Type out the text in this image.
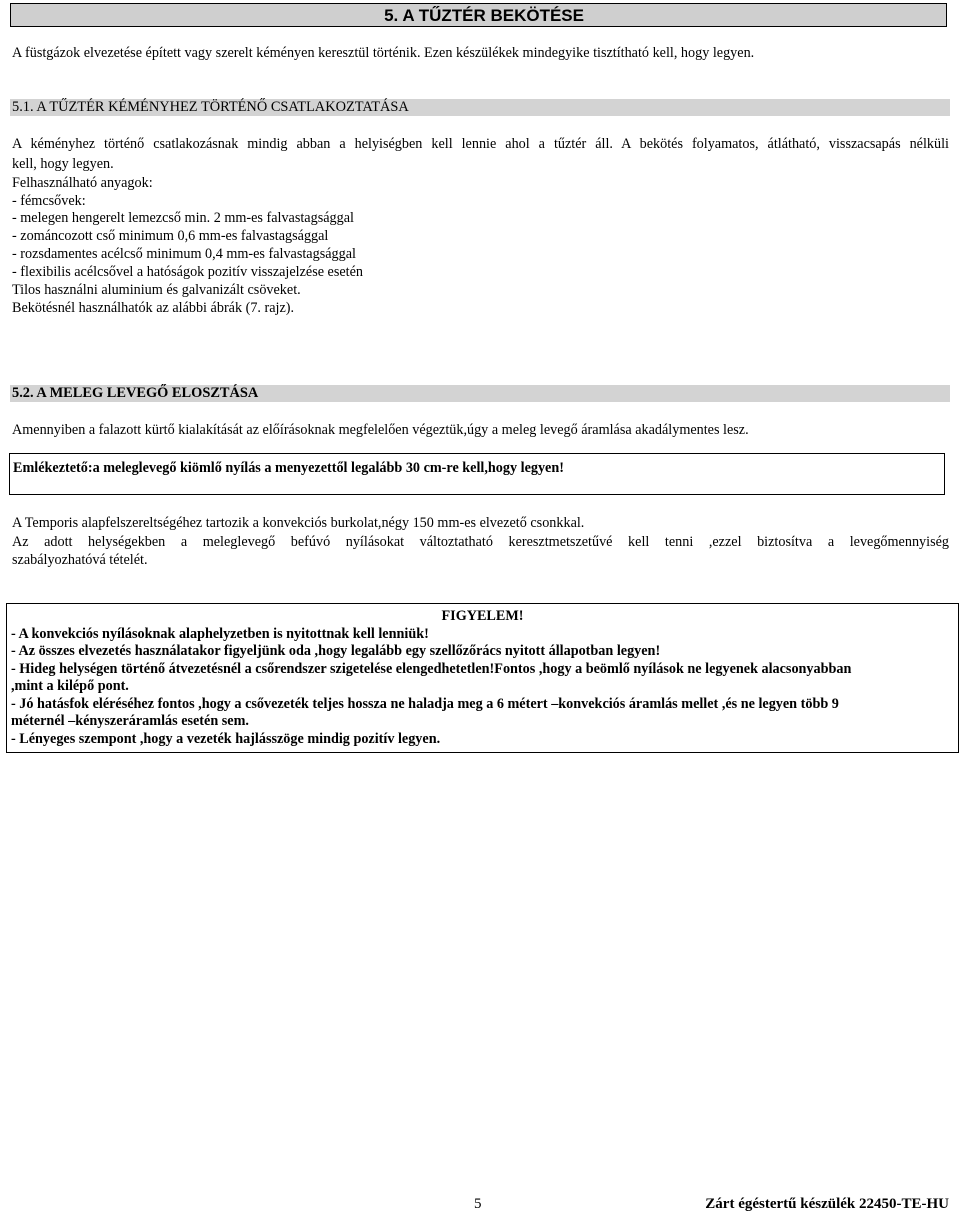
5. A TŰZTÉR BEKÖTÉSE

A füstgázok elvezetése épített vagy szerelt kéményen keresztül történik. Ezen készülékek mindegyike tisztítható kell, hogy legyen.

5.1. A TŰZTÉR KÉMÉNYHEZ TÖRTÉNŐ CSATLAKOZTATÁSA

A kéményhez történő csatlakozásnak mindig abban a helyiségben kell lennie ahol a tűztér áll. A bekötés folyamatos, átlátható, visszacsapás nélküli

kell, hogy legyen.

Felhasználható anyagok:

- fémcsővek:

- melegen hengerelt lemezcső min. 2 mm-es falvastagsággal

- zománcozott cső minimum 0,6 mm-es falvastagsággal

- rozsdamentes acélcső minimum 0,4 mm-es falvastagsággal

- flexibilis acélcsővel a hatóságok pozitív visszajelzése esetén

Tilos használni aluminium és galvanizált csöveket.

Bekötésnél használhatók az alábbi ábrák (7. rajz).

5.2. A MELEG LEVEGŐ ELOSZTÁSA

Amennyiben a falazott kürtő kialakítását az előírásoknak megfelelően végeztük,úgy a meleg levegő áramlása akadálymentes lesz.

Emlékeztető:a meleglevegő kiömlő nyílás a menyezettől legalább 30 cm-re kell,hogy legyen!

A Temporis alapfelszereltségéhez tartozik a konvekciós burkolat,négy 150 mm-es elvezető csonkkal.

Az adott helységekben a meleglevegő befúvó nyílásokat változtatható keresztmetszetűvé kell tenni ,ezzel biztosítva a levegőmennyiség

szabályozhatóvá tételét.

FIGYELEM!

- A konvekciós nyílásoknak alaphelyzetben is nyitottnak kell lenniük!

- Az összes elvezetés használatakor figyeljünk oda ,hogy legalább egy szellőzőrács nyitott állapotban legyen!

- Hideg helységen történő átvezetésnél a csőrendszer szigetelése elengedhetetlen!Fontos ,hogy a beömlő nyílások ne legyenek alacsonyabban

,mint a kilépő pont.

- Jó hatásfok eléréséhez fontos ,hogy a csővezeték teljes hossza ne haladja meg a 6 métert –konvekciós áramlás mellet ,és ne legyen több 9

méternél –kényszeráramlás esetén sem.

- Lényeges szempont ,hogy a vezeték hajlásszöge mindig pozitív legyen.

5	Zárt égéstertű készülék 22450-TE-HU
